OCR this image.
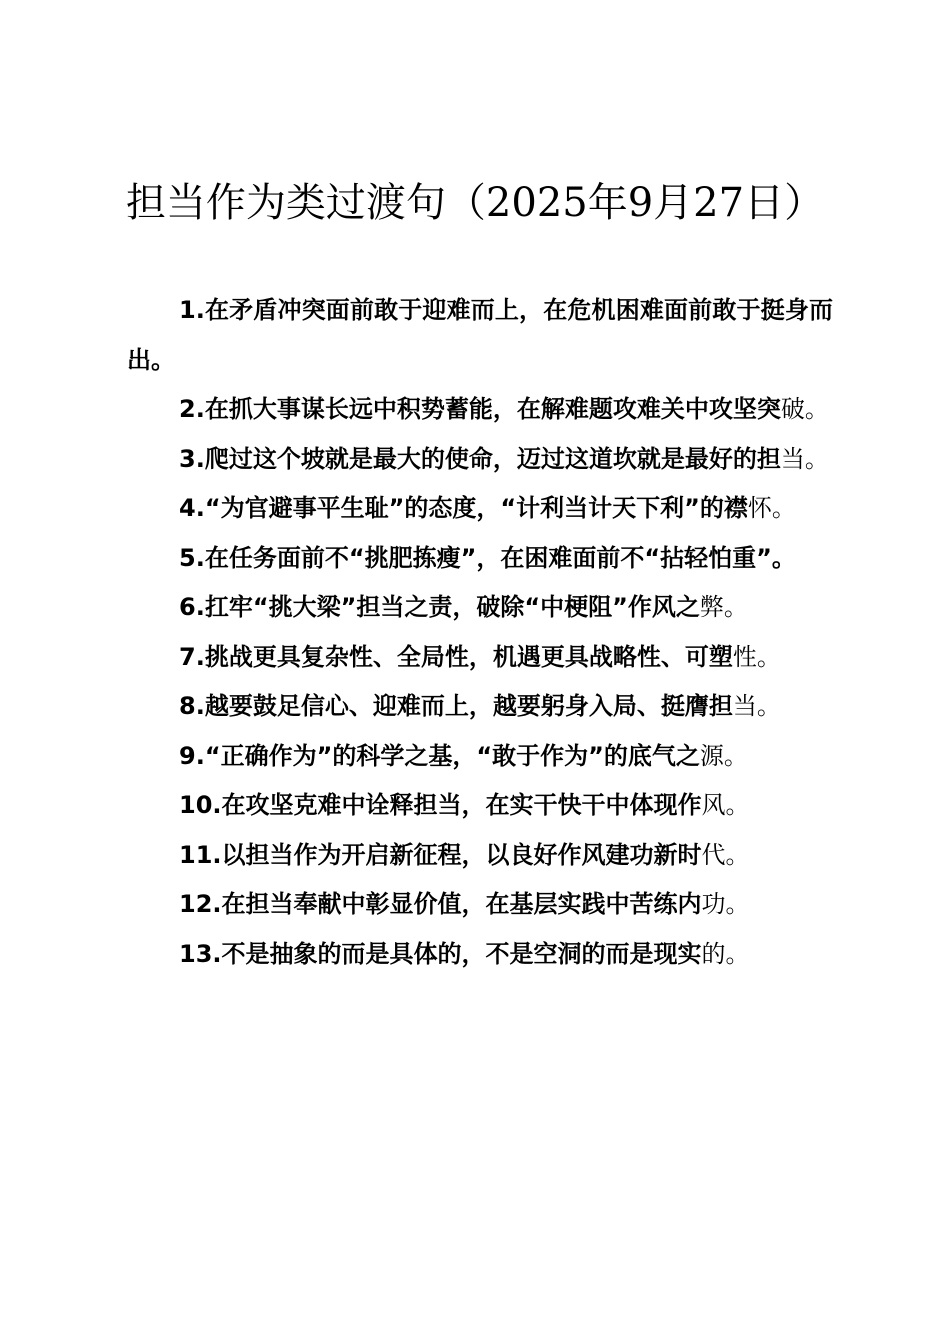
担当作为类过渡句（2025年9月27日）

1.在矛盾冲突面前敢于迎难而上，在危机困难面前敢于挺身而出。

2.在抓大事谋长远中积势蓄能，在解难题攻难关中攻坚突破。

3.爬过这个坡就是最大的使命，迈过这道坎就是最好的担当。

4.“为官避事平生耻”的态度，“计利当计天下利”的襟怀。

5.在任务面前不“挑肥拣瘦”，在困难面前不“拈轻怕重”。

6.扛牢“挑大梁”担当之责，破除“中梗阻”作风之弊。

7.挑战更具复杂性、全局性，机遇更具战略性、可塑性。

8.越要鼓足信心、迎难而上，越要躬身入局、挺膺担当。

9.“正确作为”的科学之基，“敢于作为”的底气之源。

10.在攻坚克难中诠释担当，在实干快干中体现作风。

11.以担当作为开启新征程，以良好作风建功新时代。

12.在担当奉献中彰显价值，在基层实践中苦练内功。

13.不是抽象的而是具体的，不是空洞的而是现实的。
